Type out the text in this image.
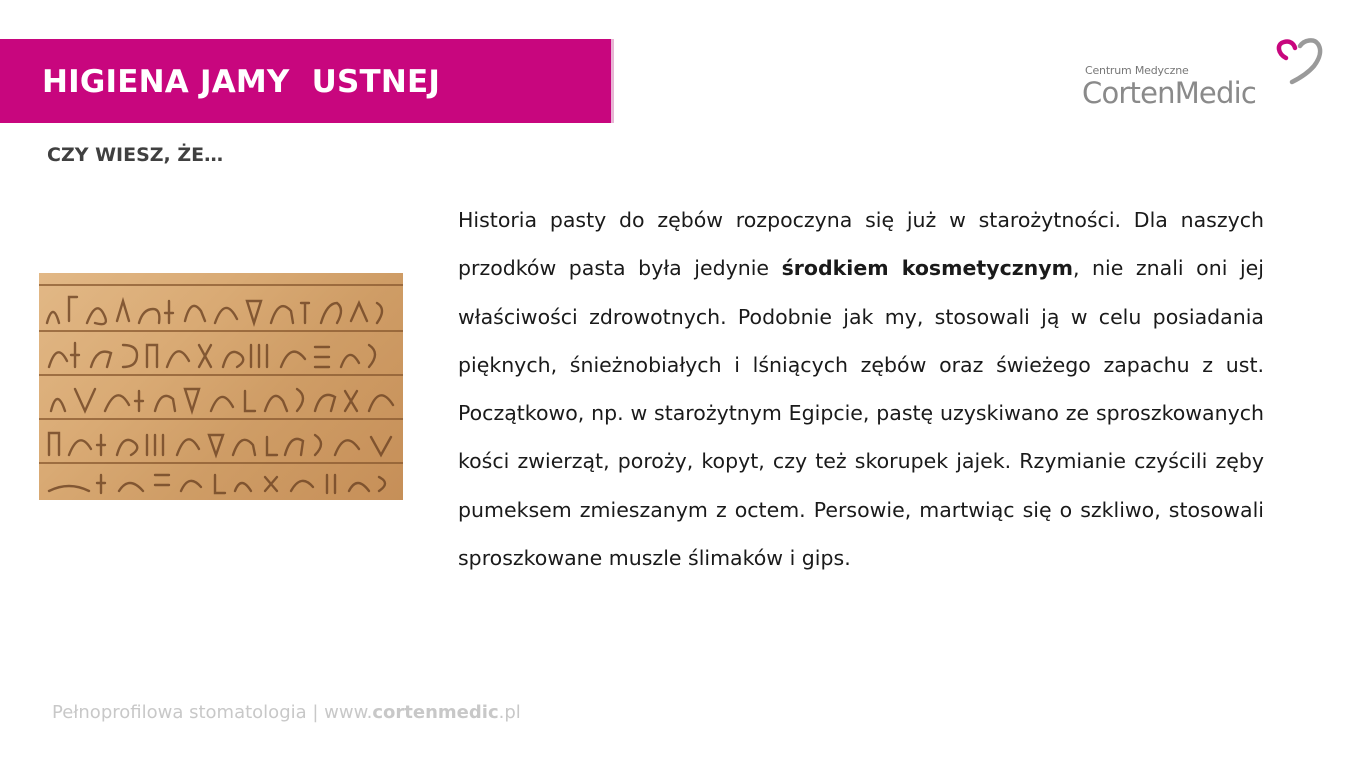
HIGIENA JAMY  USTNEJ	Centrum Medyczne
CortenMedic
CZY WIESZ, ŻE…
Historia pasty do zębów rozpoczyna się już w starożytności. Dla naszych przodków pasta była jedynie środkiem kosmetycznym, nie znali oni jej właściwości zdrowotnych. Podobnie jak my, stosowali ją w celu posiadania pięknych, śnieżnobiałych i lśniących zębów oraz świeżego zapachu z ust. Początkowo, np. w starożytnym Egipcie, pastę uzyskiwano ze sproszkowanych kości zwierząt, poroży, kopyt, czy też skorupek jajek. Rzymianie czyścili zęby pumeksem zmieszanym z octem. Persowie, martwiąc się o szkliwo, stosowali sproszkowane muszle ślimaków i gips.
Pełnoprofilowa stomatologia | www.cortenmedic.pl
